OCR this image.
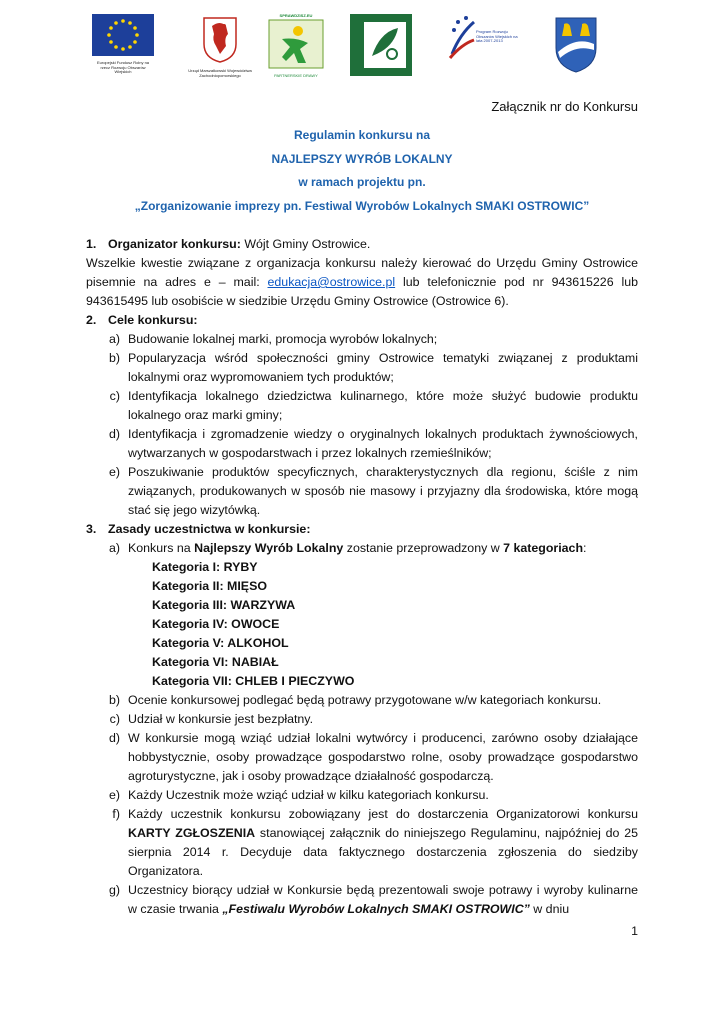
Europejski Fundusz Rolny na rzecz Rozwoju Obszarów Wiejskich	Urząd Marszałkowski Województwa Zachodniopomorskiego
SPRAWDZISZ.EU
PARTNERSKIE DRAWY
Program Rozwoju Obszarów Wiejskich na lata 2007-2013
Załącznik nr do Konkursu
Regulamin konkursu na
NAJLEPSZY WYRÓB LOKALNY
w ramach projektu pn.
„Zorganizowanie imprezy pn. Festiwal Wyrobów Lokalnych SMAKI OSTROWIC”
1. Organizator konkursu: Wójt Gminy Ostrowice.
Wszelkie kwestie związane z organizacja konkursu należy kierować do Urzędu Gminy Ostrowice pisemnie na adres e – mail: edukacja@ostrowice.pl lub telefonicznie pod nr 943615226 lub 943615495 lub osobiście w siedzibie Urzędu Gminy Ostrowice (Ostrowice 6).
2. Cele konkursu:
a) Budowanie lokalnej marki, promocja wyrobów lokalnych;
b) Popularyzacja wśród społeczności gminy Ostrowice tematyki związanej z produktami lokalnymi oraz wypromowaniem tych produktów;
c) Identyfikacja lokalnego dziedzictwa kulinarnego, które może służyć budowie produktu lokalnego oraz marki gminy;
d) Identyfikacja i zgromadzenie wiedzy o oryginalnych lokalnych produktach żywnościowych, wytwarzanych w gospodarstwach i przez lokalnych rzemieślników;
e) Poszukiwanie produktów specyficznych, charakterystycznych dla regionu, ściśle z nim związanych, produkowanych w sposób nie masowy i przyjazny dla środowiska, które mogą stać się jego wizytówką.
3. Zasady uczestnictwa w konkursie:
a) Konkurs na Najlepszy Wyrób Lokalny zostanie przeprowadzony w 7 kategoriach:
Kategoria I: RYBY
Kategoria II: MIĘSO
Kategoria III: WARZYWA
Kategoria IV: OWOCE
Kategoria V: ALKOHOL
Kategoria VI: NABIAŁ
Kategoria VII: CHLEB I PIECZYWO
b) Ocenie konkursowej podlegać będą potrawy przygotowane w/w kategoriach konkursu.
c) Udział w konkursie jest bezpłatny.
d) W konkursie mogą wziąć udział lokalni wytwórcy i producenci, zarówno osoby działające hobbystycznie, osoby prowadzące gospodarstwo rolne, osoby prowadzące gospodarstwo agroturystyczne, jak i osoby prowadzące działalność gospodarczą.
e) Każdy Uczestnik może wziąć udział w kilku kategoriach konkursu.
f) Każdy uczestnik konkursu zobowiązany jest do dostarczenia Organizatorowi konkursu KARTY ZGŁOSZENIA stanowiącej załącznik do niniejszego Regulaminu, najpóźniej do 25 sierpnia 2014 r. Decyduje data faktycznego dostarczenia zgłoszenia do siedziby Organizatora.
g) Uczestnicy biorący udział w Konkursie będą prezentowali swoje potrawy i wyroby kulinarne w czasie trwania „Festiwalu Wyrobów Lokalnych SMAKI OSTROWIC” w dniu
1
